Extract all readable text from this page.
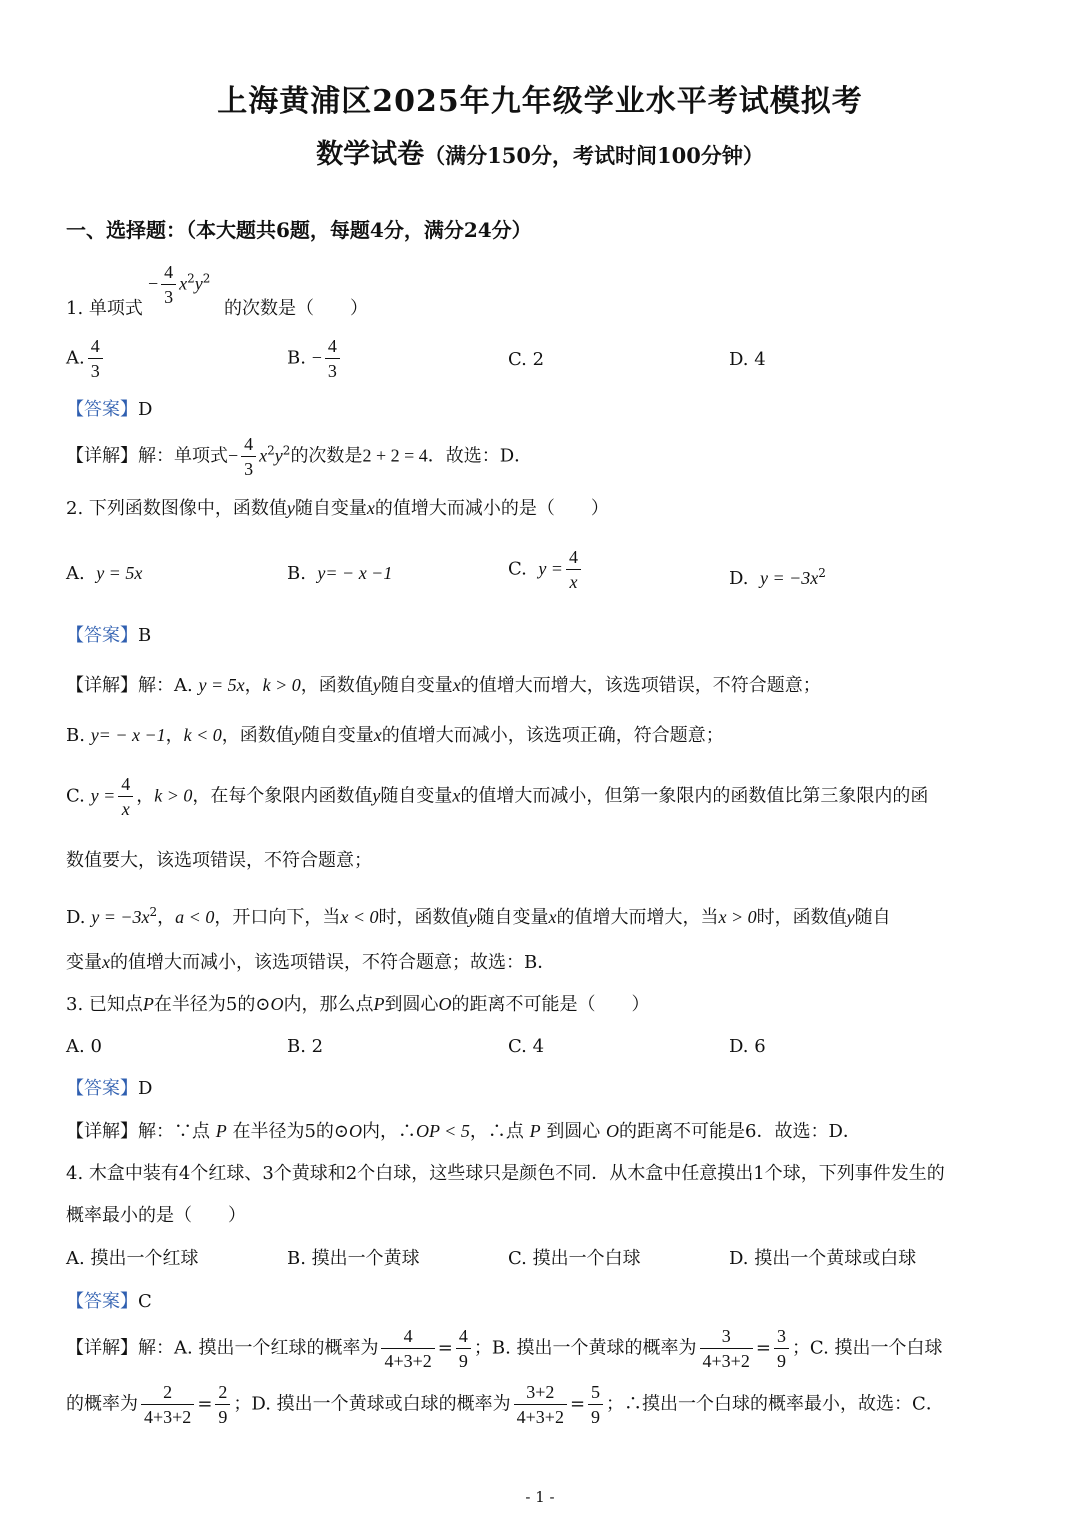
上海黄浦区2025年九年级学业水平考试模拟考
数学试卷（满分150分，考试时间100分钟）
一、选择题：（本大题共6题，每题4分，满分24分）
− $\frac{4}{3} x^2y^2$
1. 单项式	的次数是（　　）
A. $\frac{4}{3}$	B. − $\frac{4}{3}$	C. 2	D. 4
【答案】D
【详解】解：单项式− $\frac{4}{3} x^2y^2$的次数是2 + 2 = 4．故选：D．
2. 下列函数图像中，函数值y随自变量x的值增大而减小的是（　　）
A. y = 5x	B. y= − x −1	C. $y = \frac{4}{x}$	D. $y = -3x^2$
【答案】B
【详解】解：A. y = 5x，k > 0，函数值y随自变量x的值增大而增大，该选项错误，不符合题意；
B. y= − x −1，k < 0，函数值y随自变量x的值增大而减小，该选项正确，符合题意；
C. $y = \frac{4}{x}$ ，k > 0，在每个象限内函数值y随自变量x的值增大而减小，但第一象限内的函数值比第三象限内的函
数值要大，该选项错误，不符合题意；
D. $y = -3x^2$，a < 0，开口向下，当x < 0时，函数值y随自变量x的值增大而增大，当x > 0时，函数值y随自
变量x的值增大而减小，该选项错误，不符合题意；故选：B．
3. 已知点P在半径为5的⊙O内，那么点P到圆心O的距离不可能是（　　）
A. 0	B. 2	C. 4	D. 6
【答案】D
【详解】解：∵点 P 在半径为5的⊙O内，∴OP < 5，∴点 P 到圆心 O的距离不可能是6．故选：D．
4. 木盒中装有4个红球、3个黄球和2个白球，这些球只是颜色不同．从木盒中任意摸出1个球，下列事件发生的
概率最小的是（　　）
A. 摸出一个红球	B. 摸出一个黄球	C. 摸出一个白球	D. 摸出一个黄球或白球
【答案】C
【详解】解：A. 摸出一个红球的概率为 $\frac{4}{4+3+2} = \frac{4}{9}$ ；B. 摸出一个黄球的概率为 $\frac{3}{4+3+2} = \frac{3}{9}$ ；C. 摸出一个白球
的概率为 $\frac{2}{4+3+2} = \frac{2}{9}$ ；D. 摸出一个黄球或白球的概率为 $\frac{3+2}{4+3+2} = \frac{5}{9}$ ；∴摸出一个白球的概率最小，故选：C．
- 1 -
